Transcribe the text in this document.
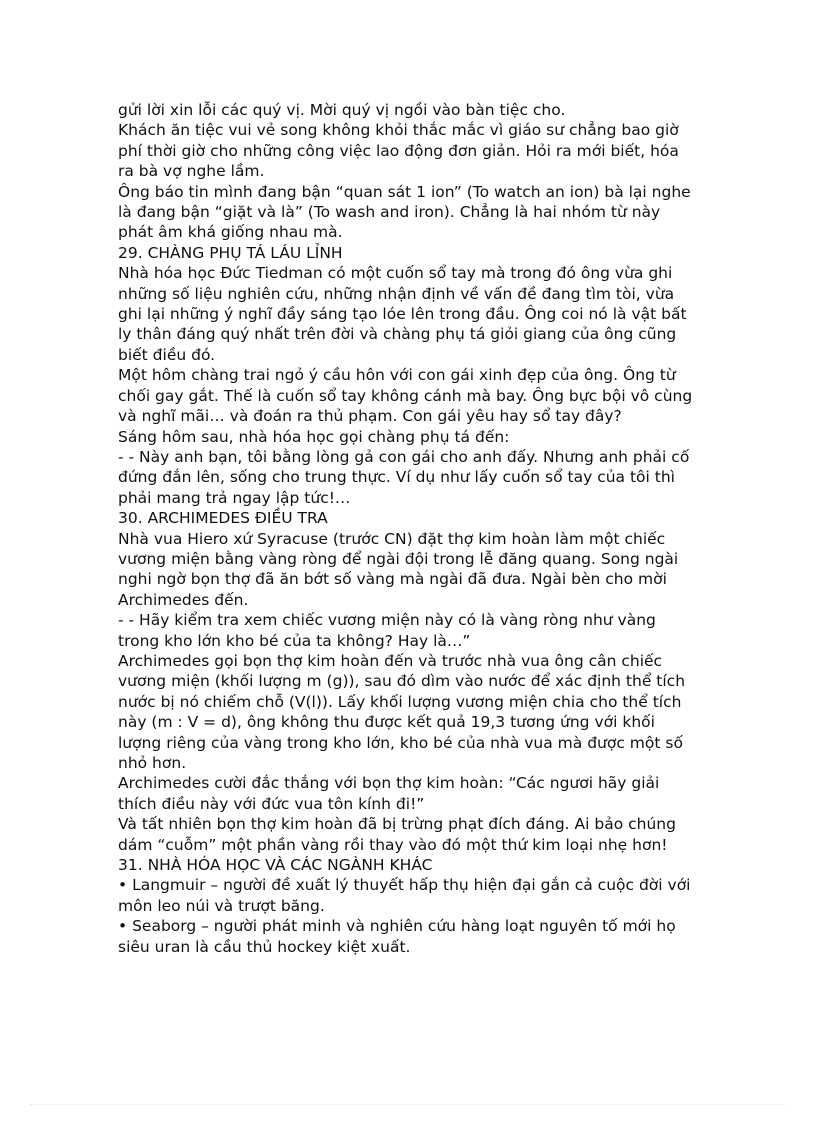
gửi lời xin lỗi các quý vị. Mời quý vị ngồi vào bàn tiệc cho.

Khách ăn tiệc vui vẻ song không khỏi thắc mắc vì giáo sư chẳng bao giờ phí thời giờ cho những công việc lao động đơn giản. Hỏi ra mới biết, hóa ra bà vợ nghe lầm.

Ông báo tin mình đang bận “quan sát 1 ion” (To watch an ion) bà lại nghe là đang bận “giặt và là” (To wash and iron). Chẳng là hai nhóm từ này phát âm khá giống nhau mà.

29. CHÀNG PHỤ TÁ LÁU LỈNH

Nhà hóa học Đức Tiedman có một cuốn sổ tay mà trong đó ông vừa ghi những số liệu nghiên cứu, những nhận định về vấn đề đang tìm tòi, vừa ghi lại những ý nghĩ đầy sáng tạo lóe lên trong đầu. Ông coi nó là vật bất ly thân đáng quý nhất trên đời và chàng phụ tá giỏi giang của ông cũng biết điều đó.

Một hôm chàng trai ngỏ ý cầu hôn với con gái xinh đẹp của ông. Ông từ chối gay gắt. Thế là cuốn sổ tay không cánh mà bay. Ông bực bội vô cùng và nghĩ mãi… và đoán ra thủ phạm. Con gái yêu hay sổ tay đây?

Sáng hôm sau, nhà hóa học gọi chàng phụ tá đến:

- - Này anh bạn, tôi bằng lòng gả con gái cho anh đấy. Nhưng anh phải cố đứng đắn lên, sống cho trung thực. Ví dụ như lấy cuốn sổ tay của tôi thì phải mang trả ngay lập tức!…

30. ARCHIMEDES ĐIỀU TRA

Nhà vua Hiero xứ Syracuse (trước CN) đặt thợ kim hoàn làm một chiếc vương miện bằng vàng ròng để ngài đội trong lễ đăng quang. Song ngài nghi ngờ bọn thợ đã ăn bớt số vàng mà ngài đã đưa. Ngài bèn cho mời Archimedes đến.

- - Hãy kiểm tra xem chiếc vương miện này có là vàng ròng như vàng trong kho lớn kho bé của ta không? Hay là…”

Archimedes gọi bọn thợ kim hoàn đến và trước nhà vua ông cân chiếc vương miện (khối lượng m (g)), sau đó dìm vào nước để xác định thể tích nước bị nó chiếm chỗ (V(l)). Lấy khối lượng vương miện chia cho thể tích này (m : V = d), ông không thu được kết quả 19,3 tương ứng với khối lượng riêng của vàng trong kho lớn, kho bé của nhà vua mà được một số nhỏ hơn.

Archimedes cười đắc thắng với bọn thợ kim hoàn: “Các ngươi hãy giải thích điều này với đức vua tôn kính đi!”

Và tất nhiên bọn thợ kim hoàn đã bị trừng phạt đích đáng. Ai bảo chúng dám “cuỗm” một phần vàng rồi thay vào đó một thứ kim loại nhẹ hơn!

31. NHÀ HÓA HỌC VÀ CÁC NGÀNH KHÁC

• Langmuir – người đề xuất lý thuyết hấp thụ hiện đại gắn cả cuộc đời với môn leo núi và trượt băng.

• Seaborg – người phát minh và nghiên cứu hàng loạt nguyên tố mới họ siêu uran là cầu thủ hockey kiệt xuất.
